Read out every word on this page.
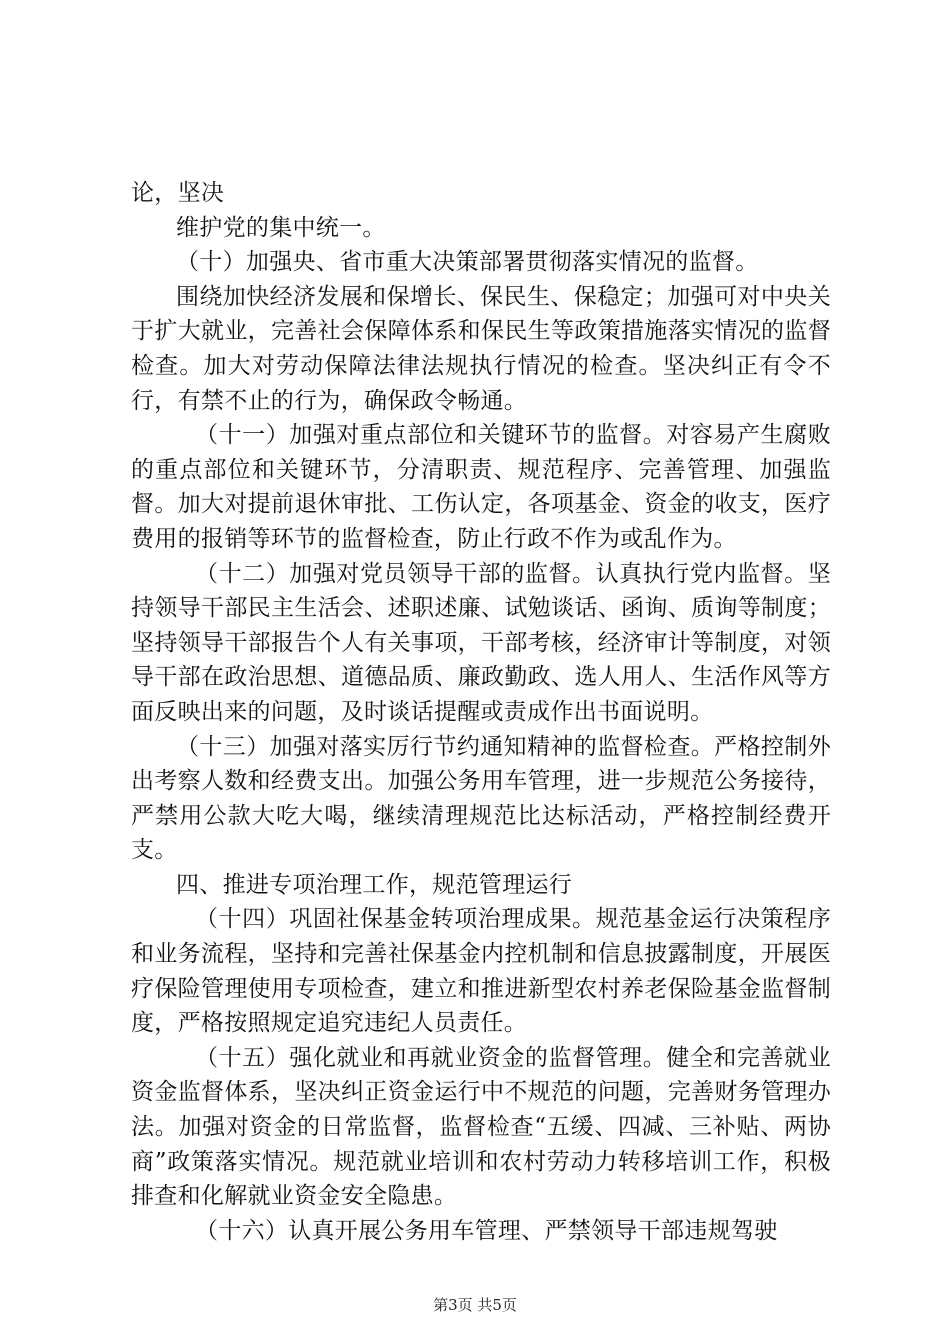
论，坚决

维护党的集中统一。

（十）加强央、省市重大决策部署贯彻落实情况的监督。

围绕加快经济发展和保增长、保民生、保稳定；加强可对中央关于扩大就业，完善社会保障体系和保民生等政策措施落实情况的监督检查。加大对劳动保障法律法规执行情况的检查。坚决纠正有令不行，有禁不止的行为，确保政令畅通。

（十一）加强对重点部位和关键环节的监督。对容易产生腐败的重点部位和关键环节，分清职责、规范程序、完善管理、加强监督。加大对提前退休审批、工伤认定，各项基金、资金的收支，医疗费用的报销等环节的监督检查，防止行政不作为或乱作为。

（十二）加强对党员领导干部的监督。认真执行党内监督。坚持领导干部民主生活会、述职述廉、试勉谈话、函询、质询等制度；坚持领导干部报告个人有关事项，干部考核，经济审计等制度，对领导干部在政治思想、道德品质、廉政勤政、选人用人、生活作风等方面反映出来的问题，及时谈话提醒或责成作出书面说明。

（十三）加强对落实厉行节约通知精神的监督检查。严格控制外出考察人数和经费支出。加强公务用车管理，进一步规范公务接待，严禁用公款大吃大喝，继续清理规范比达标活动，严格控制经费开支。

四、推进专项治理工作，规范管理运行

（十四）巩固社保基金转项治理成果。规范基金运行决策程序和业务流程，坚持和完善社保基金内控机制和信息披露制度，开展医疗保险管理使用专项检查，建立和推进新型农村养老保险基金监督制度，严格按照规定追究违纪人员责任。

（十五）强化就业和再就业资金的监督管理。健全和完善就业资金监督体系，坚决纠正资金运行中不规范的问题，完善财务管理办法。加强对资金的日常监督，监督检查“五缓、四减、三补贴、两协商”政策落实情况。规范就业培训和农村劳动力转移培训工作，积极排查和化解就业资金安全隐患。

（十六）认真开展公务用车管理、严禁领导干部违规驾驶

第3页 共5页
